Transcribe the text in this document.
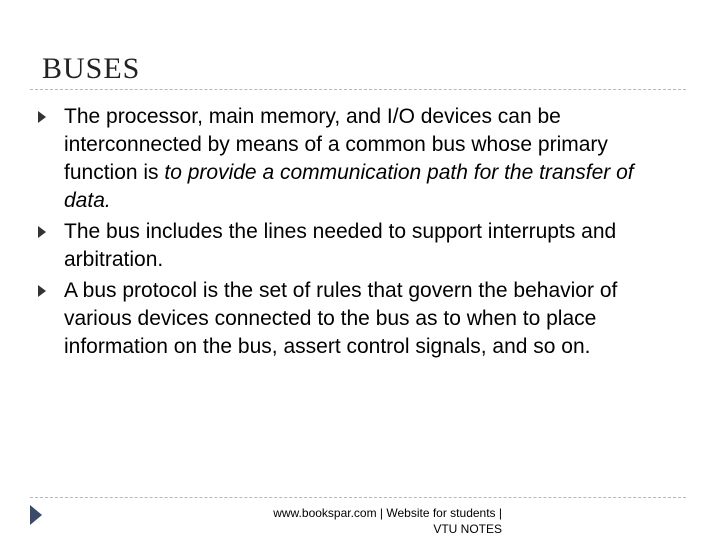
BUSES
The processor, main memory, and I/O devices can be interconnected by means of a common bus whose primary function is to provide a communication path for the transfer of data.
The bus includes the lines needed to support interrupts and arbitration.
A bus protocol is the set of rules that govern the behavior of various devices connected to the bus as to when to place information on the bus, assert control signals, and so on.
www.bookspar.com | Website for students |
VTU NOTES
